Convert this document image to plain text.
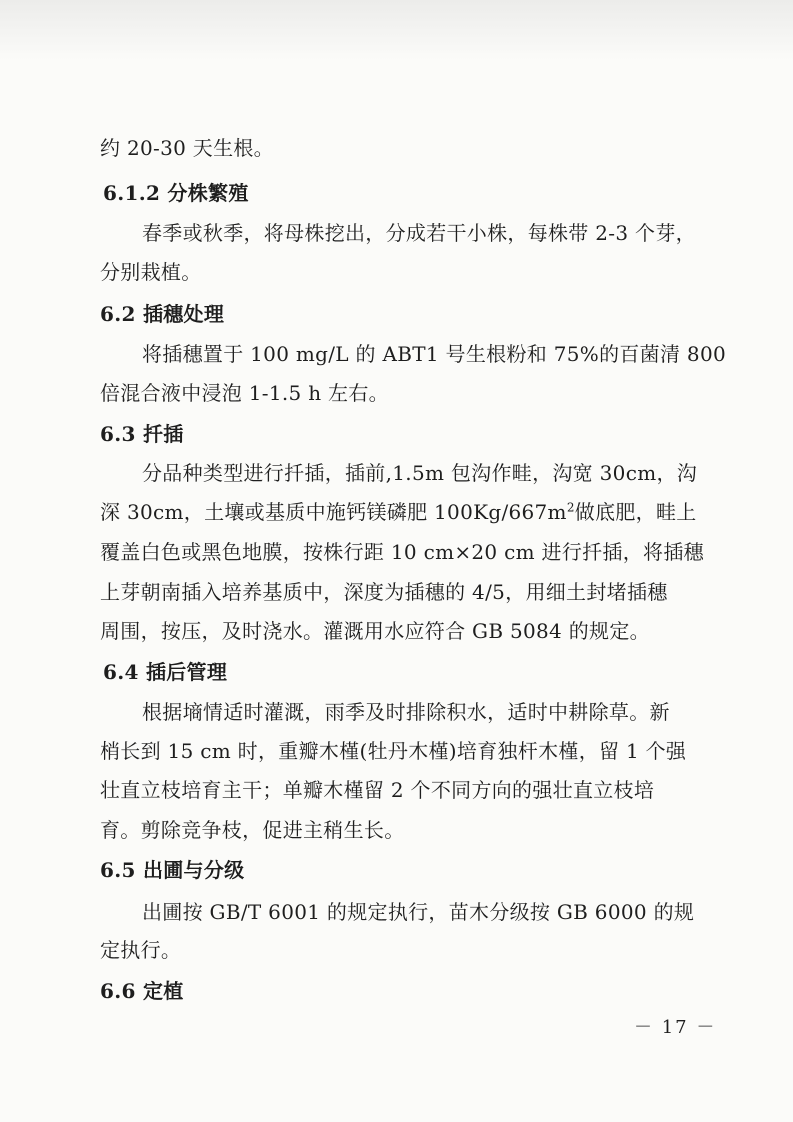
约 20-30 天生根。

6.1.2 分株繁殖

春季或秋季，将母株挖出，分成若干小株，每株带 2-3 个芽，

分别栽植。

6.2 插穗处理

将插穗置于 100 mg/L 的 ABT1 号生根粉和 75%的百菌清 800

倍混合液中浸泡 1-1.5 h 左右。

6.3 扦插

分品种类型进行扦插，插前,1.5m 包沟作畦，沟宽 30cm，沟

深 30cm，土壤或基质中施钙镁磷肥 $100Kg/667m^2$做底肥，畦上

覆盖白色或黑色地膜，按株行距 10 cm×20 cm 进行扦插，将插穗

上芽朝南插入培养基质中，深度为插穗的 4/5，用细土封堵插穗

周围，按压，及时浇水。灌溉用水应符合 GB 5084 的规定。

6.4 插后管理

根据墒情适时灌溉，雨季及时排除积水，适时中耕除草。新

梢长到 15 cm 时，重瓣木槿(牡丹木槿)培育独杆木槿，留 1 个强

壮直立枝培育主干；单瓣木槿留 2 个不同方向的强壮直立枝培

育。剪除竞争枝，促进主稍生长。

6.5 出圃与分级

出圃按 GB/T 6001 的规定执行，苗木分级按 GB 6000 的规

定执行。

6.6 定植

－ 17 －
